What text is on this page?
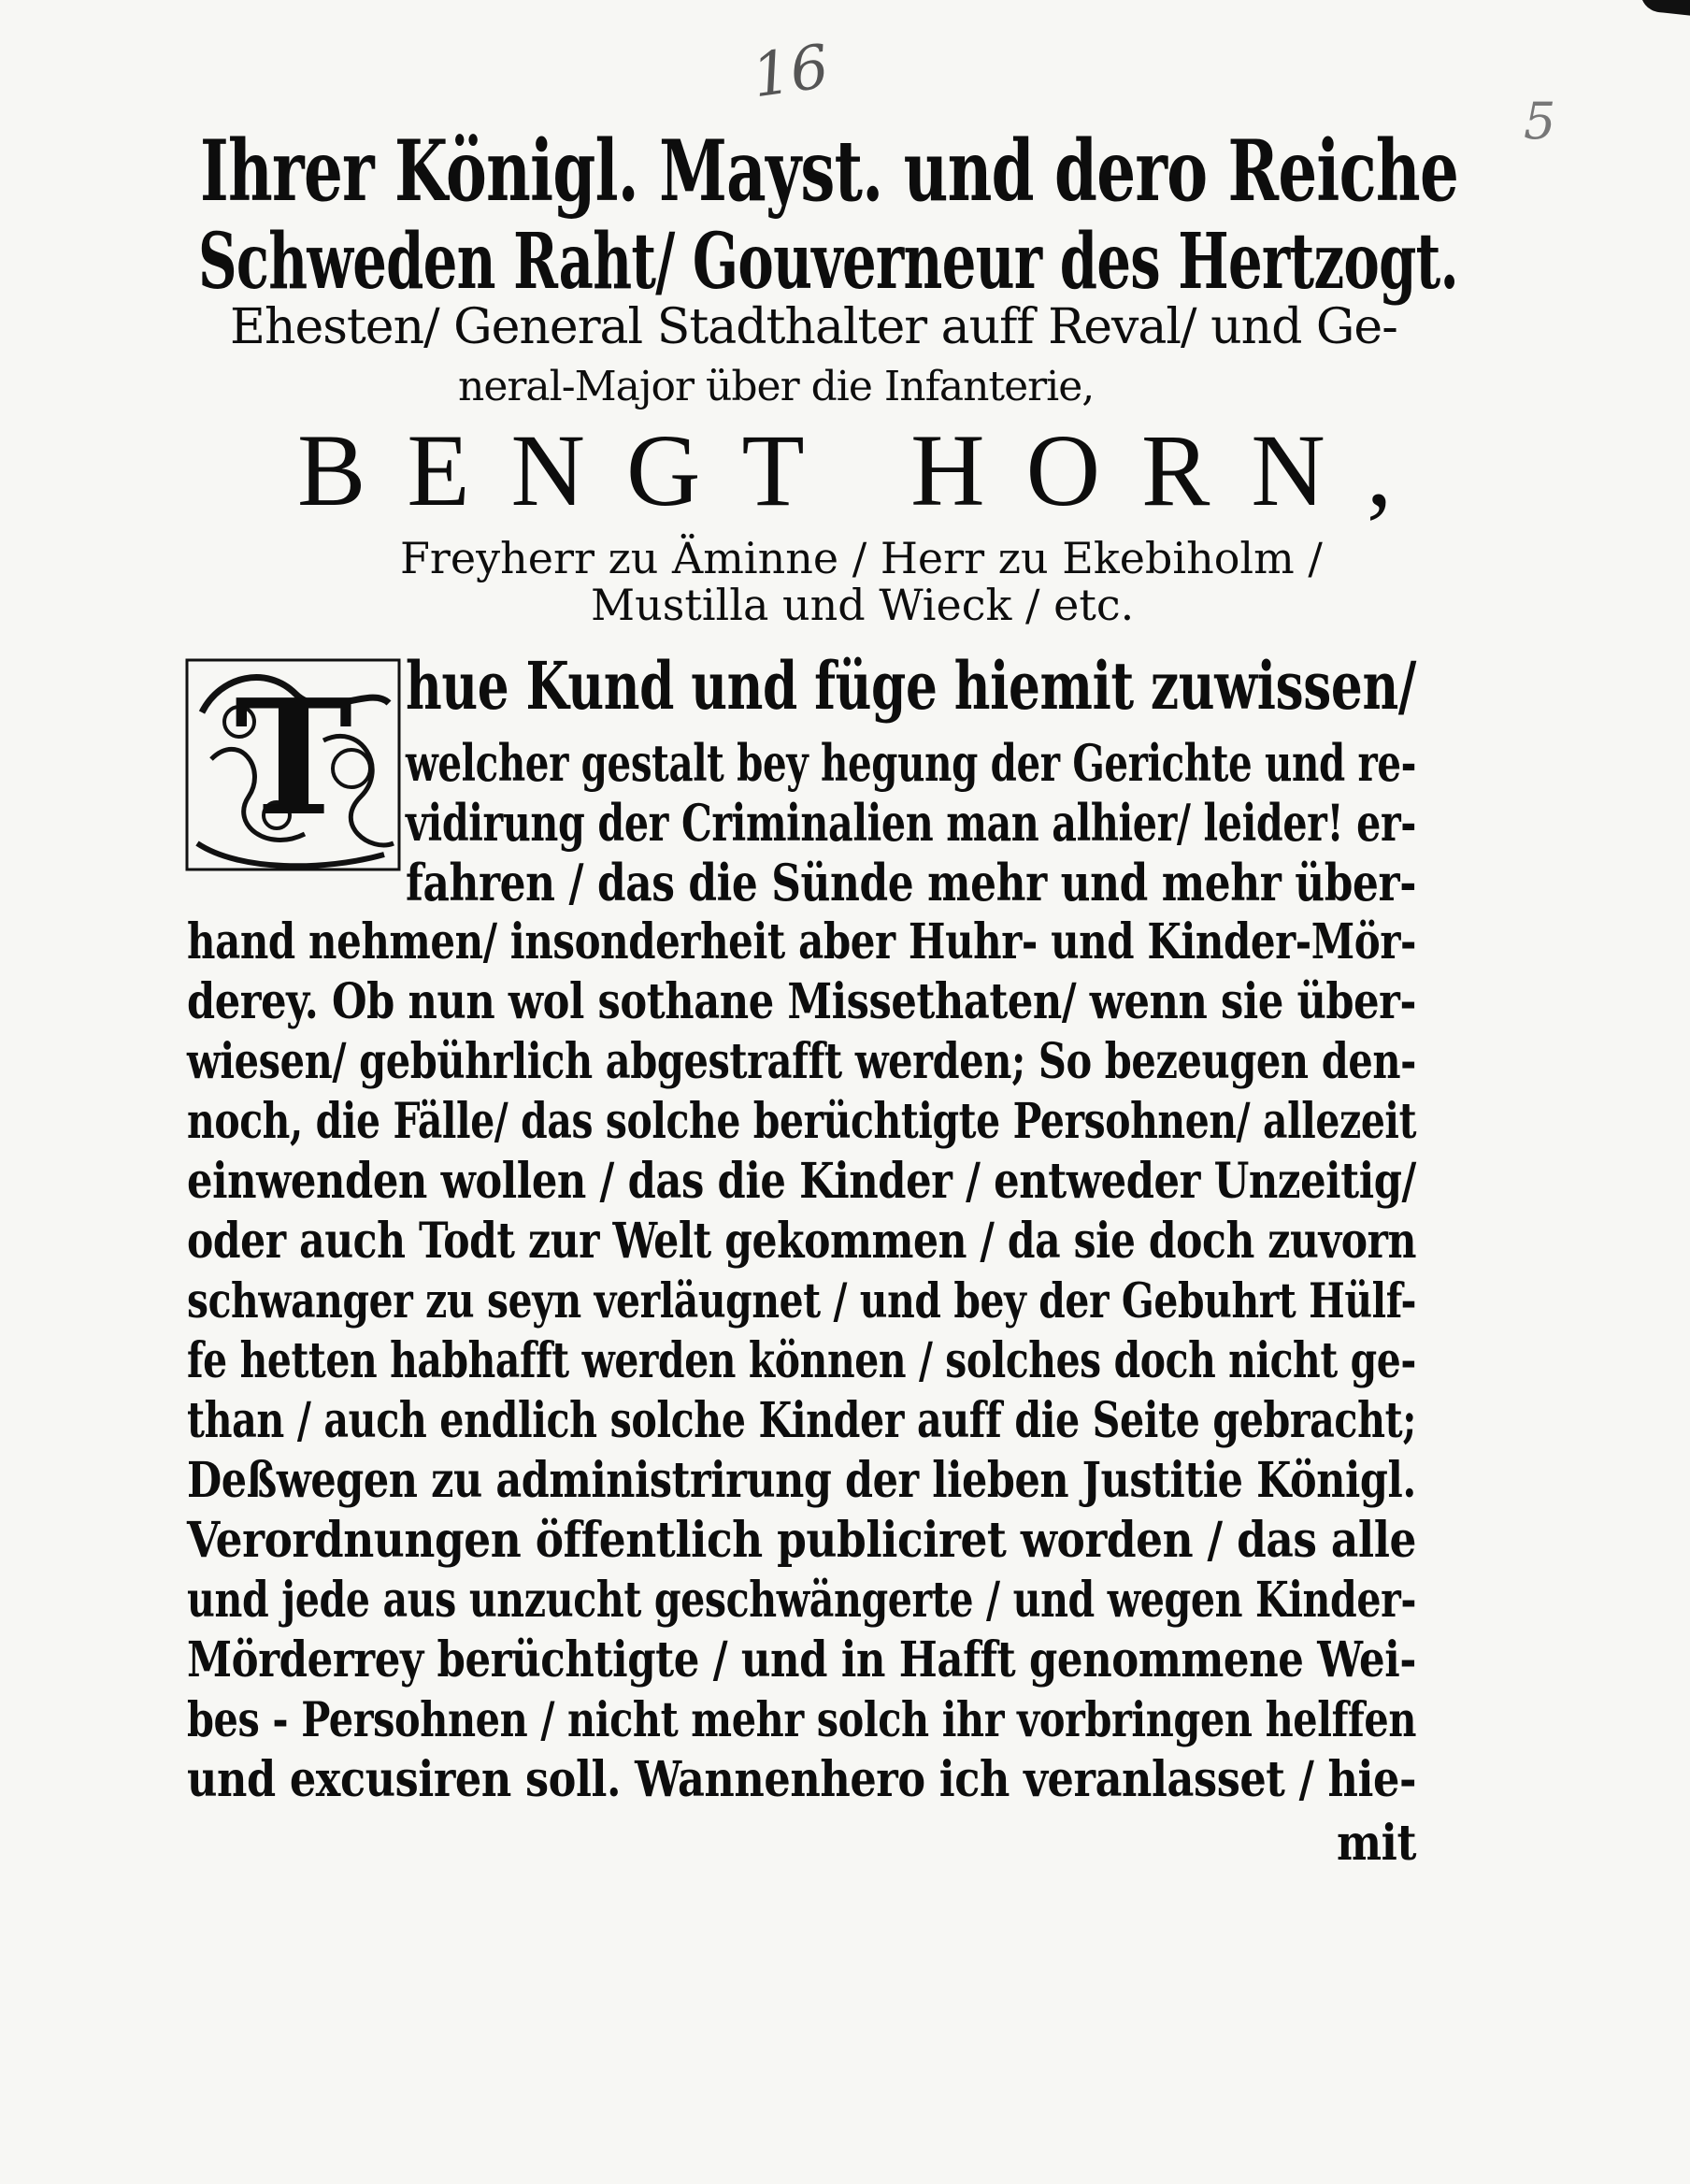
16
5
Ihrer Königl. Mayst. und dero Reiche
Schweden Raht/ Gouverneur des Hertzogt.
Ehesten/ General Stadthalter auff Reval/ und Ge-
neral-Major über die Infanterie,
BENGT HORN,
Freyherr zu Äminne / Herr zu Ekebiholm /
Mustilla und Wieck / etc.
T hue Kund und füge hiemit zuwissen/
welcher gestalt bey hegung der Gerichte und re-
vidirung der Criminalien man alhier/ leider! er-
fahren / das die Sünde mehr und mehr über-
hand nehmen/ insonderheit aber Huhr- und Kinder-Mör-
derey. Ob nun wol sothane Missethaten/ wenn sie über-
wiesen/ gebührlich abgestrafft werden; So bezeugen den-
noch, die Fälle/ das solche berüchtigte Persohnen/ allezeit
einwenden wollen / das die Kinder / entweder Unzeitig/
oder auch Todt zur Welt gekommen / da sie doch zuvorn
schwanger zu seyn verläugnet / und bey der Gebuhrt Hülf-
fe hetten habhafft werden können / solches doch nicht ge-
than / auch endlich solche Kinder auff die Seite gebracht;
Deßwegen zu administrirung der lieben Justitie Königl.
Verordnungen öffentlich publiciret worden / das alle
und jede aus unzucht geschwängerte / und wegen Kinder-
Mörderrey berüchtigte / und in Hafft genommene Wei-
bes - Persohnen / nicht mehr solch ihr vorbringen helffen
und excusiren soll. Wannenhero ich veranlasset / hie-
mit
